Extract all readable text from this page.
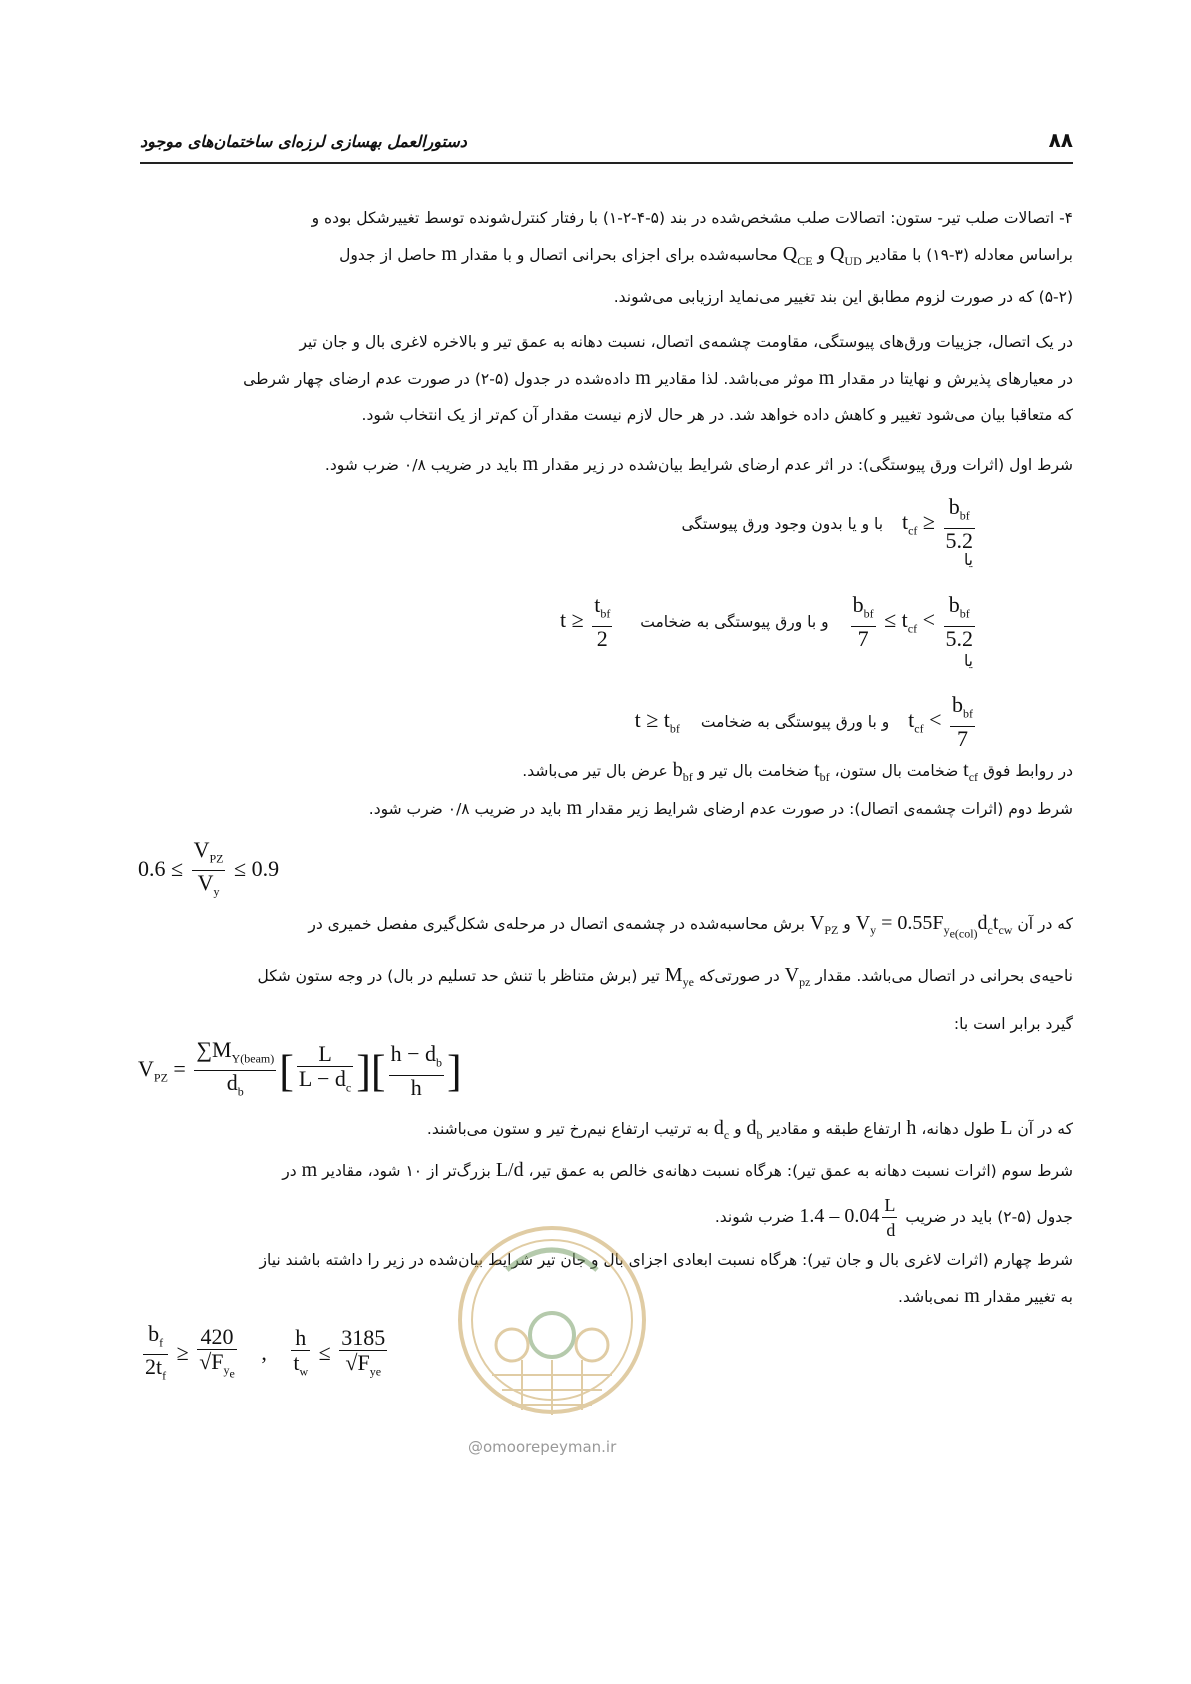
دستورالعمل بهسازی لرزه‌ای ساختمان‌های موجود	۸۸
۴- اتصالات صلب تیر- ستون: اتصالات صلب مشخص‌شده در بند (۵-۴-۲-۱) با رفتار کنترل‌شونده توسط تغییرشکل بوده و
براساس معادله (۳-۱۹) با مقادیر $Q_{UD}$ و $Q_{CE}$ محاسبه‌شده برای اجزای بحرانی اتصال و با مقدار m حاصل از جدول
(۵-۲) که در صورت لزوم مطابق این بند تغییر می‌نماید ارزیابی می‌شوند.
در یک اتصال، جزییات ورق‌های پیوستگی، مقاومت چشمه‌ی اتصال، نسبت دهانه به عمق تیر و بالاخره لاغری بال و جان تیر
در معیارهای پذیرش و نهایتا در مقدار m موثر می‌باشد. لذا مقادیر m داده‌شده در جدول (۵-۲) در صورت عدم ارضای چهار شرطی
که متعاقبا بیان می‌شود تغییر و کاهش داده خواهد شد. در هر حال لازم نیست مقدار آن کم‌تر از یک انتخاب شود.
شرط اول (اثرات ورق پیوستگی): در اثر عدم ارضای شرایط بیان‌شده در زیر مقدار m باید در ضریب ۰/۸ ضرب شود.
$t_{cf} \ge \frac{b_{bf}}{5.2}$
با و یا بدون وجود ورق پیوستگی
یا
$\frac{b_{bf}}{7} \le t_{cf} < \frac{b_{bf}}{5.2}$
و با ورق پیوستگی به ضخامت $t \ge \frac{t_{bf}}{2}$
یا
$t_{cf} < \frac{b_{bf}}{7}$
و با ورق پیوستگی به ضخامت $t \ge t_{bf}$
در روابط فوق $t_{cf}$ ضخامت بال ستون، $t_{bf}$ ضخامت بال تیر و $b_{bf}$ عرض بال تیر می‌باشد.
شرط دوم (اثرات چشمه‌ی اتصال): در صورت عدم ارضای شرایط زیر مقدار m باید در ضریب ۰/۸ ضرب شود.
$0.6 \le \frac{V_{PZ}}{V_y} \le 0.9$
که در آن $V_y = 0.55F_{y_{e(col)}}d_ct_{cw}$ و $V_{PZ}$ برش محاسبه‌شده در چشمه‌ی اتصال در مرحله‌ی شکل‌گیری مفصل خمیری در
ناحیه‌ی بحرانی در اتصال می‌باشد. مقدار $V_{pz}$ در صورتی‌که $M_{ye}$ تیر (برش متناظر با تنش حد تسلیم در بال) در وجه ستون شکل
گیرد برابر است با:
$V_{PZ} = \frac{\sum M_{Y(beam)}}{d_b}$ [ $\frac{L}{L - d_c}$ ][ $\frac{h - d_b}{h}$ ]
که در آن L طول دهانه، h ارتفاع طبقه و مقادیر $d_b$ و $d_c$ به ترتیب ارتفاع نیم‌رخ تیر و ستون می‌باشند.
شرط سوم (اثرات نسبت دهانه به عمق تیر): هرگاه نسبت دهانه‌ی خالص به عمق تیر، L/d بزرگ‌تر از ۱۰ شود، مقادیر m در
جدول (۵-۲) باید در ضریب $1.4 - 0.04 \frac{L}{d}$
ضرب شوند.
شرط چهارم (اثرات لاغری بال و جان تیر): هرگاه نسبت ابعادی اجزای بال و جان تیر شرایط بیان‌شده در زیر را داشته باشند نیاز
به تغییر مقدار m نمی‌باشد.
$\frac{b_f}{2t_f} \ge \frac{420}{√F_{y_e}}$ , $\frac{h}{t_w} \le \frac{3185}{√F_{ye}}$
@omoorepeyman.ir
